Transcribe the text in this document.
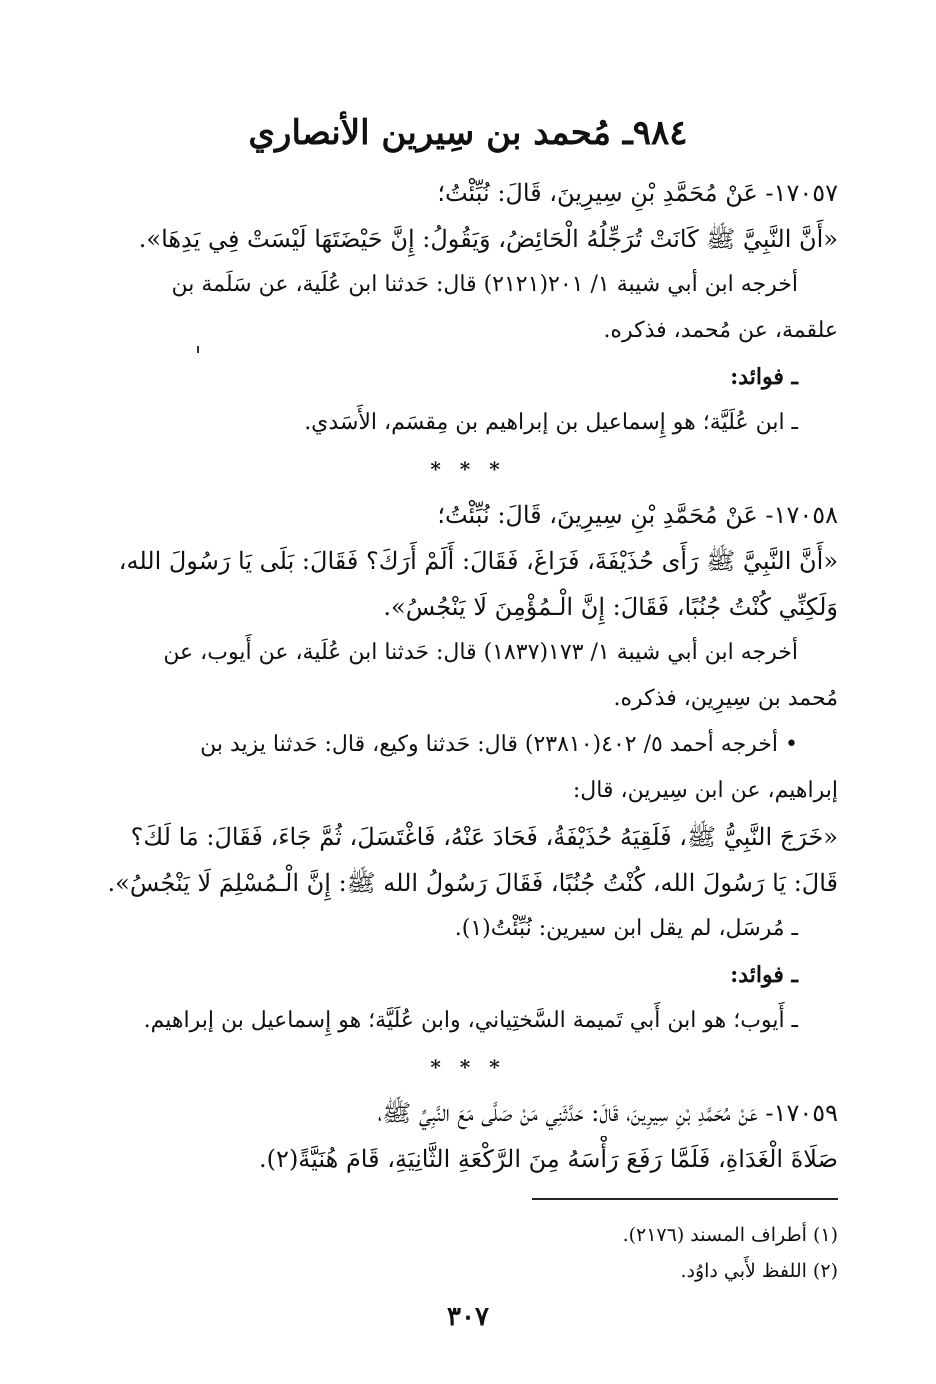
٩٨٤ـ مُحمد بن سِيرين الأنصاري
١٧٠٥٧- عَنْ مُحَمَّدِ بْنِ سِيرِينَ، قَالَ: نُبِّئْتُ؛
«أَنَّ النَّبِيَّ ﷺ كَانَتْ تُرَجِّلُهُ الْحَائِضُ، وَيَقُولُ: إِنَّ حَيْضَتَهَا لَيْسَتْ فِي يَدِهَا».
أخرجه ابن أبي شيبة ١/ ٢٠١(٢١٢١) قال: حَدثنا ابن عُلَية، عن سَلَمة بن
علقمة، عن مُحمد، فذكره.
ـ فوائد:
ـ ابن عُلَيَّة؛ هو إِسماعيل بن إبراهيم بن مِقسَم، الأَسَدي.
* * *
١٧٠٥٨- عَنْ مُحَمَّدِ بْنِ سِيرِينَ، قَالَ: نُبِّئْتُ؛
«أَنَّ النَّبِيَّ ﷺ رَأَى حُذَيْفَةَ، فَرَاغَ، فَقَالَ: أَلَمْ أَرَكَ؟ فَقَالَ: بَلَى يَا رَسُولَ الله،
وَلَكِنِّي كُنْتُ جُنُبًا، فَقَالَ: إِنَّ الْـمُؤْمِنَ لَا يَنْجُسُ».
أخرجه ابن أبي شيبة ١/ ١٧٣(١٨٣٧) قال: حَدثنا ابن عُلَية، عن أَيوب، عن
مُحمد بن سِيرِين، فذكره.
• أخرجه أحمد ٥/ ٤٠٢(٢٣٨١٠) قال: حَدثنا وكيع، قال: حَدثنا يزيد بن
إبراهيم، عن ابن سِيرين، قال:
«خَرَجَ النَّبِيُّ ﷺ، فَلَقِيَهُ حُذَيْفَةُ، فَحَادَ عَنْهُ، فَاغْتَسَلَ، ثُمَّ جَاءَ، فَقَالَ: مَا لَكَ؟
قَالَ: يَا رَسُولَ الله، كُنْتُ جُنُبًا، فَقَالَ رَسُولُ الله ﷺ: إِنَّ الْـمُسْلِمَ لَا يَنْجُسُ».
ـ مُرسَل، لم يقل ابن سيرين: نُبِّئْتُ(١).
ـ فوائد:
ـ أَيوب؛ هو ابن أَبي تَميمة السَّختِياني، وابن عُلَيَّة؛ هو إِسماعيل بن إبراهيم.
* * *
١٧٠٥٩- عَنْ مُحَمَّدِ بْنِ سِيرِينَ، قَالَ: حَدَّثَنِي مَنْ صَلَّى مَعَ النَّبِيِّ ﷺ،
صَلَاةَ الْغَدَاةِ، فَلَمَّا رَفَعَ رَأْسَهُ مِنَ الرَّكْعَةِ الثَّانِيَةِ، قَامَ هُنَيَّةً(٢).
(١) أطراف المسند (٢١٧٦).
(٢) اللفظ لأَبي داوُد.
٣٠٧
